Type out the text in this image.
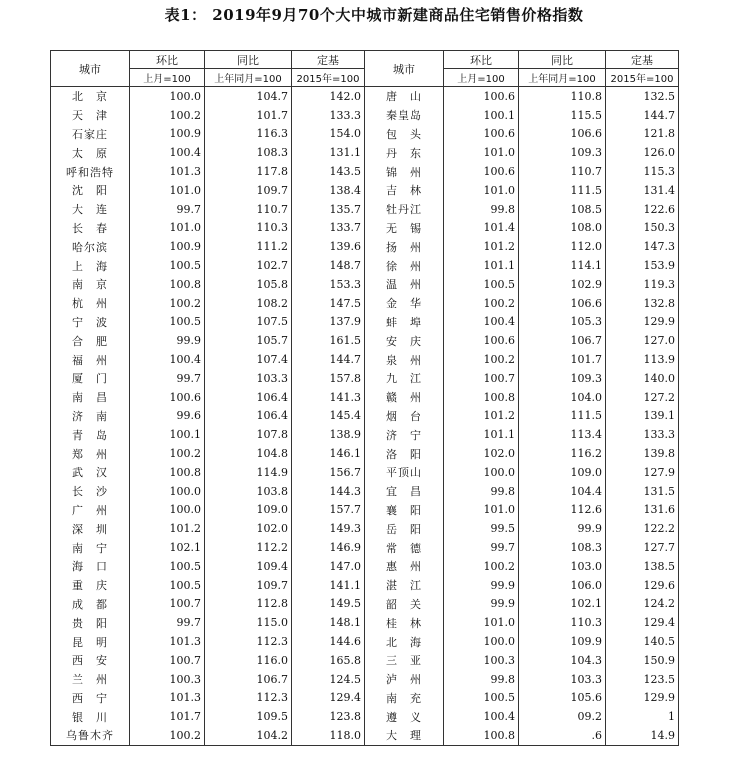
表1： 2019年9月70个大中城市新建商品住宅销售价格指数
城市	环比	同比	定基	城市	环比	同比	定基
	上月=100	上年同月=100	2015年=100		上月=100	上年同月=100	2015年=100
北　京	100.0	104.7	142.0	唐　山	100.6	110.8	132.5
天　津	100.2	101.7	133.3	秦皇岛	100.1	115.5	144.7
石家庄	100.9	116.3	154.0	包　头	100.6	106.6	121.8
太　原	100.4	108.3	131.1	丹　东	101.0	109.3	126.0
呼和浩特	101.3	117.8	143.5	锦　州	100.6	110.7	115.3
沈　阳	101.0	109.7	138.4	吉　林	101.0	111.5	131.4
大　连	99.7	110.7	135.7	牡丹江	99.8	108.5	122.6
长　春	101.0	110.3	133.7	无　锡	101.4	108.0	150.3
哈尔滨	100.9	111.2	139.6	扬　州	101.2	112.0	147.3
上　海	100.5	102.7	148.7	徐　州	101.1	114.1	153.9
南　京	100.8	105.8	153.3	温　州	100.5	102.9	119.3
杭　州	100.2	108.2	147.5	金　华	100.2	106.6	132.8
宁　波	100.5	107.5	137.9	蚌　埠	100.4	105.3	129.9
合　肥	99.9	105.7	161.5	安　庆	100.6	106.7	127.0
福　州	100.4	107.4	144.7	泉　州	100.2	101.7	113.9
厦　门	99.7	103.3	157.8	九　江	100.7	109.3	140.0
南　昌	100.6	106.4	141.3	赣　州	100.8	104.0	127.2
济　南	99.6	106.4	145.4	烟　台	101.2	111.5	139.1
青　岛	100.1	107.8	138.9	济　宁	101.1	113.4	133.3
郑　州	100.2	104.8	146.1	洛　阳	102.0	116.2	139.8
武　汉	100.8	114.9	156.7	平顶山	100.0	109.0	127.9
长　沙	100.0	103.8	144.3	宜　昌	99.8	104.4	131.5
广　州	100.0	109.0	157.7	襄　阳	101.0	112.6	131.6
深　圳	101.2	102.0	149.3	岳　阳	99.5	99.9	122.2
南　宁	102.1	112.2	146.9	常　德	99.7	108.3	127.7
海　口	100.5	109.4	147.0	惠　州	100.2	103.0	138.5
重　庆	100.5	109.7	141.1	湛　江	99.9	106.0	129.6
成　都	100.7	112.8	149.5	韶　关	99.9	102.1	124.2
贵　阳	99.7	115.0	148.1	桂　林	101.0	110.3	129.4
昆　明	101.3	112.3	144.6	北　海	100.0	109.9	140.5
西　安	100.7	116.0	165.8	三　亚	100.3	104.3	150.9
兰　州	100.3	106.7	124.5	泸　州	99.8	103.3	123.5
西　宁	101.3	112.3	129.4	南　充	100.5	105.6	129.9
银　川	101.7	109.5	123.8	遵　义	100.4	09.2	1
乌鲁木齐	100.2	104.2	118.0	大　理	100.8	.6	14.9
